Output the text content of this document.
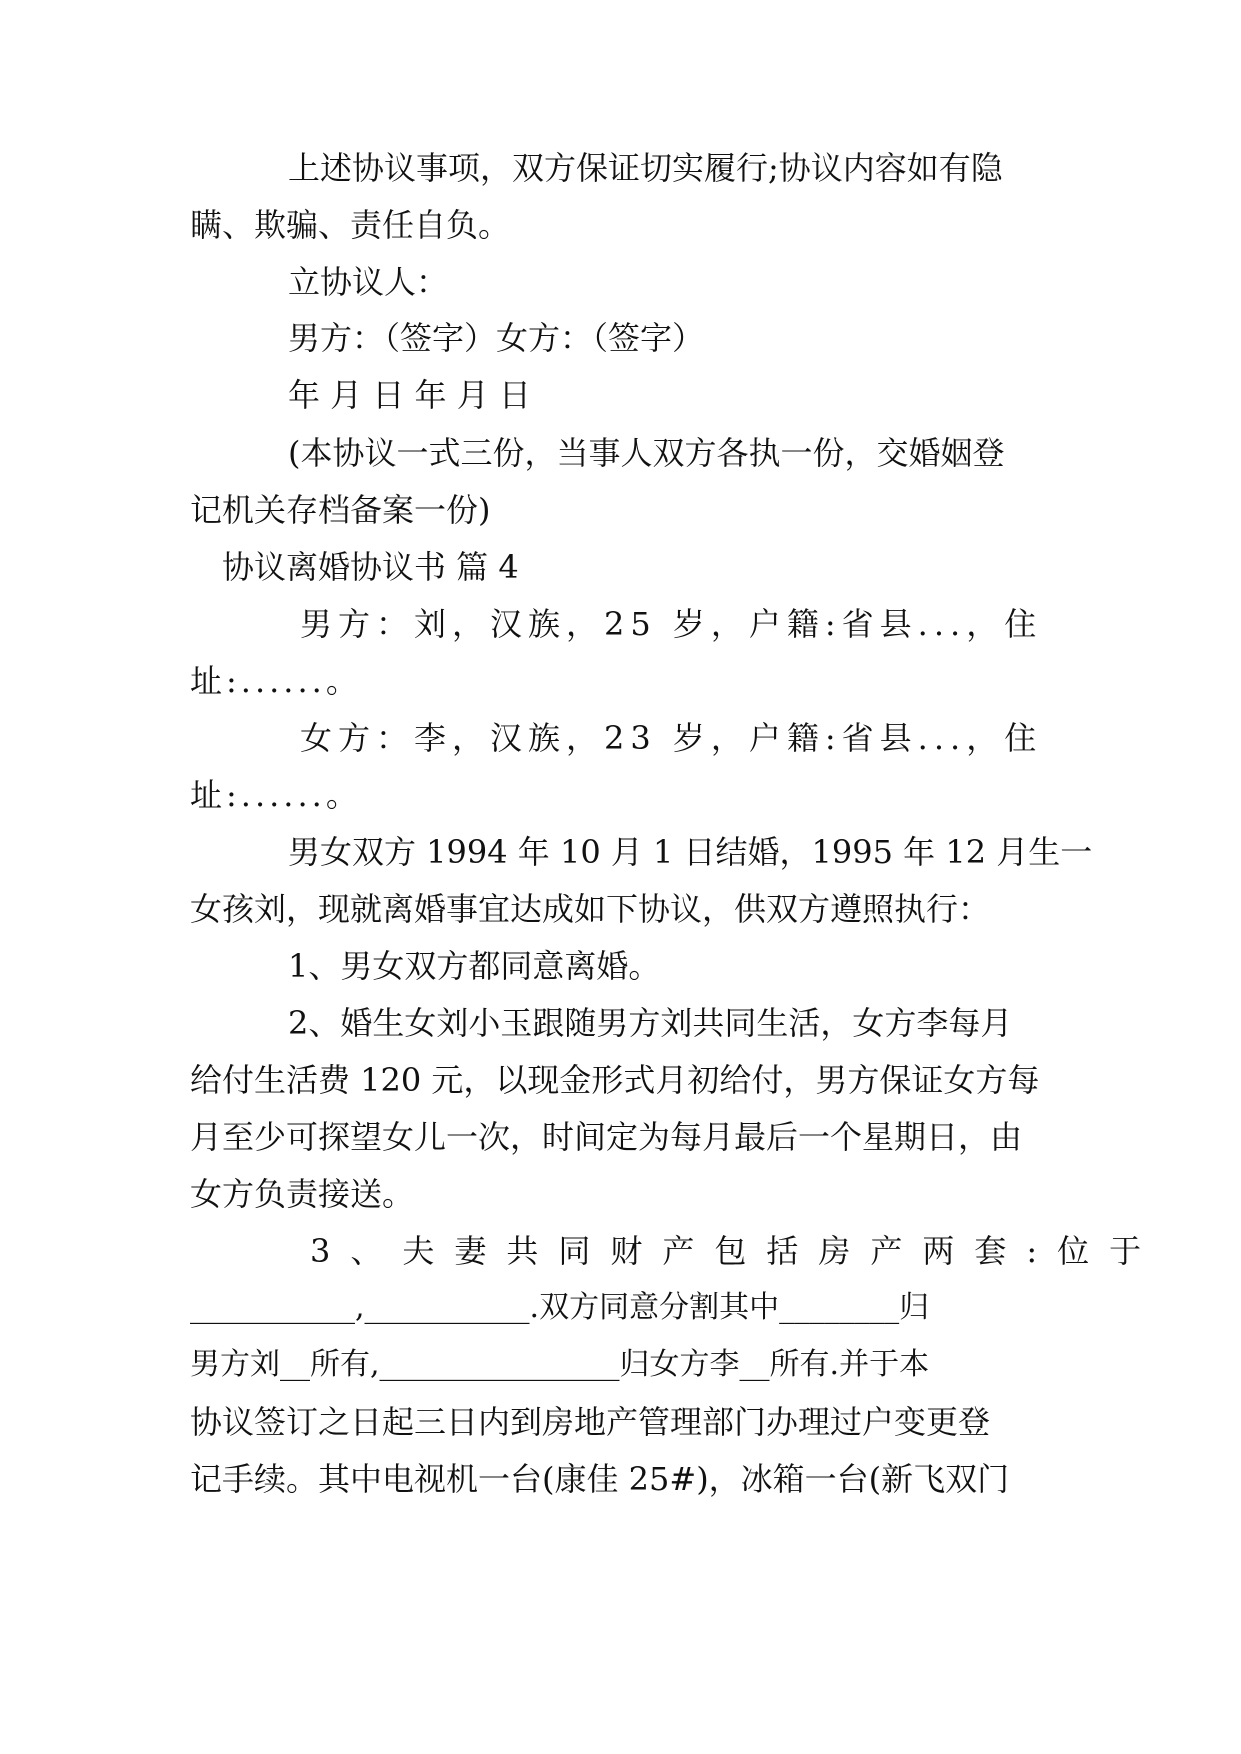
上述协议事项，双方保证切实履行;协议内容如有隐
瞒、欺骗、责任自负。
立协议人：
男方：（签字）女方：（签字）
年 月 日 年 月 日
(本协议一式三份，当事人双方各执一份，交婚姻登
记机关存档备案一份)
协议离婚协议书 篇 4
男方：刘，汉族，25 岁，户籍:省县...，住
址:......。
女方：李，汉族，23 岁，户籍:省县...，住
址:......。
男女双方 1994 年 10 月 1 日结婚，1995 年 12 月生一
女孩刘，现就离婚事宜达成如下协议，供双方遵照执行：
1、男女双方都同意离婚。
2、婚生女刘小玉跟随男方刘共同生活，女方李每月
给付生活费 120 元，以现金形式月初给付，男方保证女方每
月至少可探望女儿一次，时间定为每月最后一个星期日，由
女方负责接送。
3、夫妻共同财产包括房产两套:位于
___________,___________.双方同意分割其中________归
男方刘__所有,________________归女方李__所有.并于本
协议签订之日起三日内到房地产管理部门办理过户变更登
记手续。其中电视机一台(康佳 25#)，冰箱一台(新飞双门
